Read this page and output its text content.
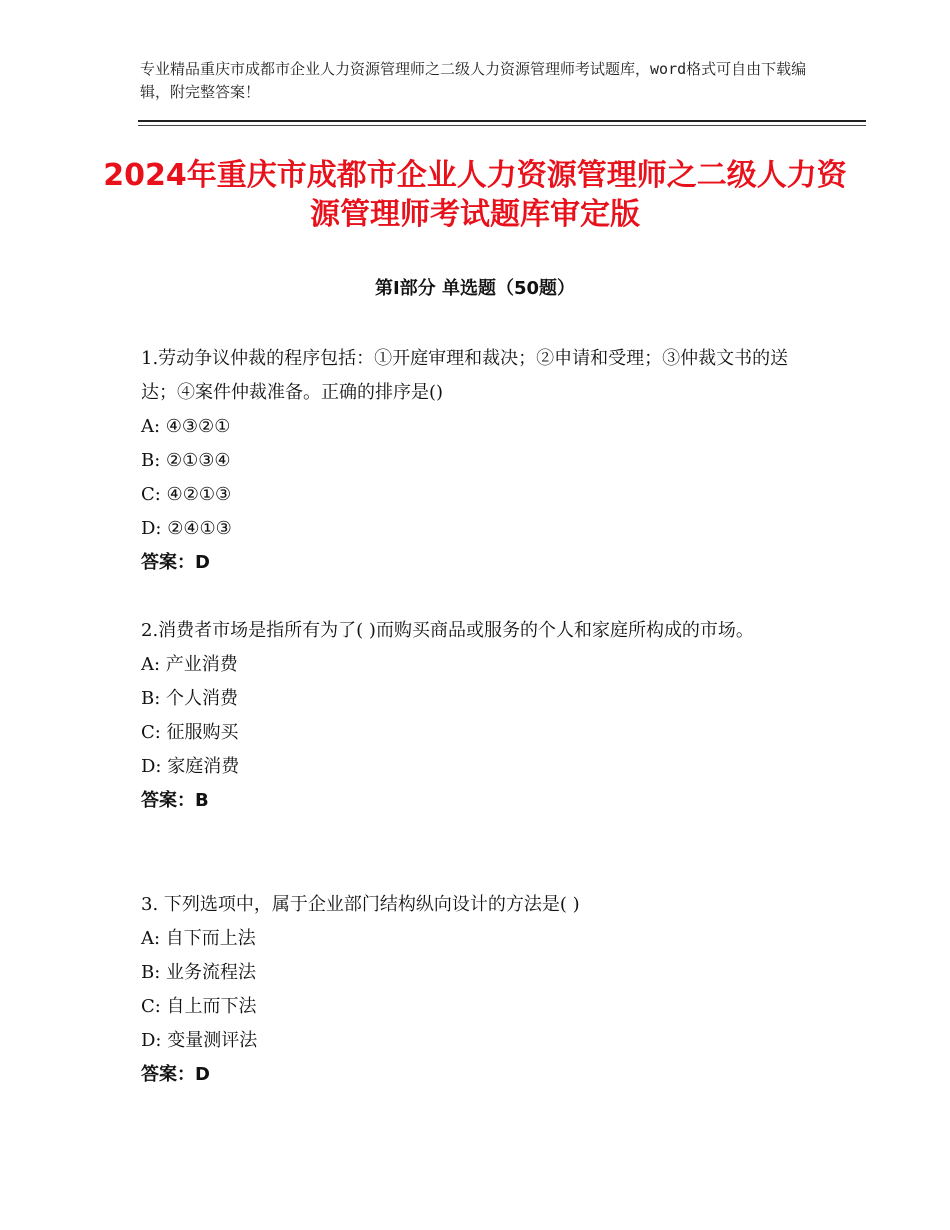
专业精品重庆市成都市企业人力资源管理师之二级人力资源管理师考试题库，word格式可自由下载编辑，附完整答案！

2024年重庆市成都市企业人力资源管理师之二级人力资源管理师考试题库审定版
第Ⅰ部分 单选题（50题）

1.劳动争议仲裁的程序包括：①开庭审理和裁决；②申请和受理；③仲裁文书的送达；④案件仲裁准备。正确的排序是()

A: ④③②①

B: ②①③④

C: ④②①③

D: ②④①③

答案：D

2.消费者市场是指所有为了( )而购买商品或服务的个人和家庭所构成的市场。

A: 产业消费

B: 个人消费

C: 征服购买

D: 家庭消费

答案：B

3. 下列选项中，属于企业部门结构纵向设计的方法是( )

A: 自下而上法

B: 业务流程法

C: 自上而下法

D: 变量测评法

答案：D
